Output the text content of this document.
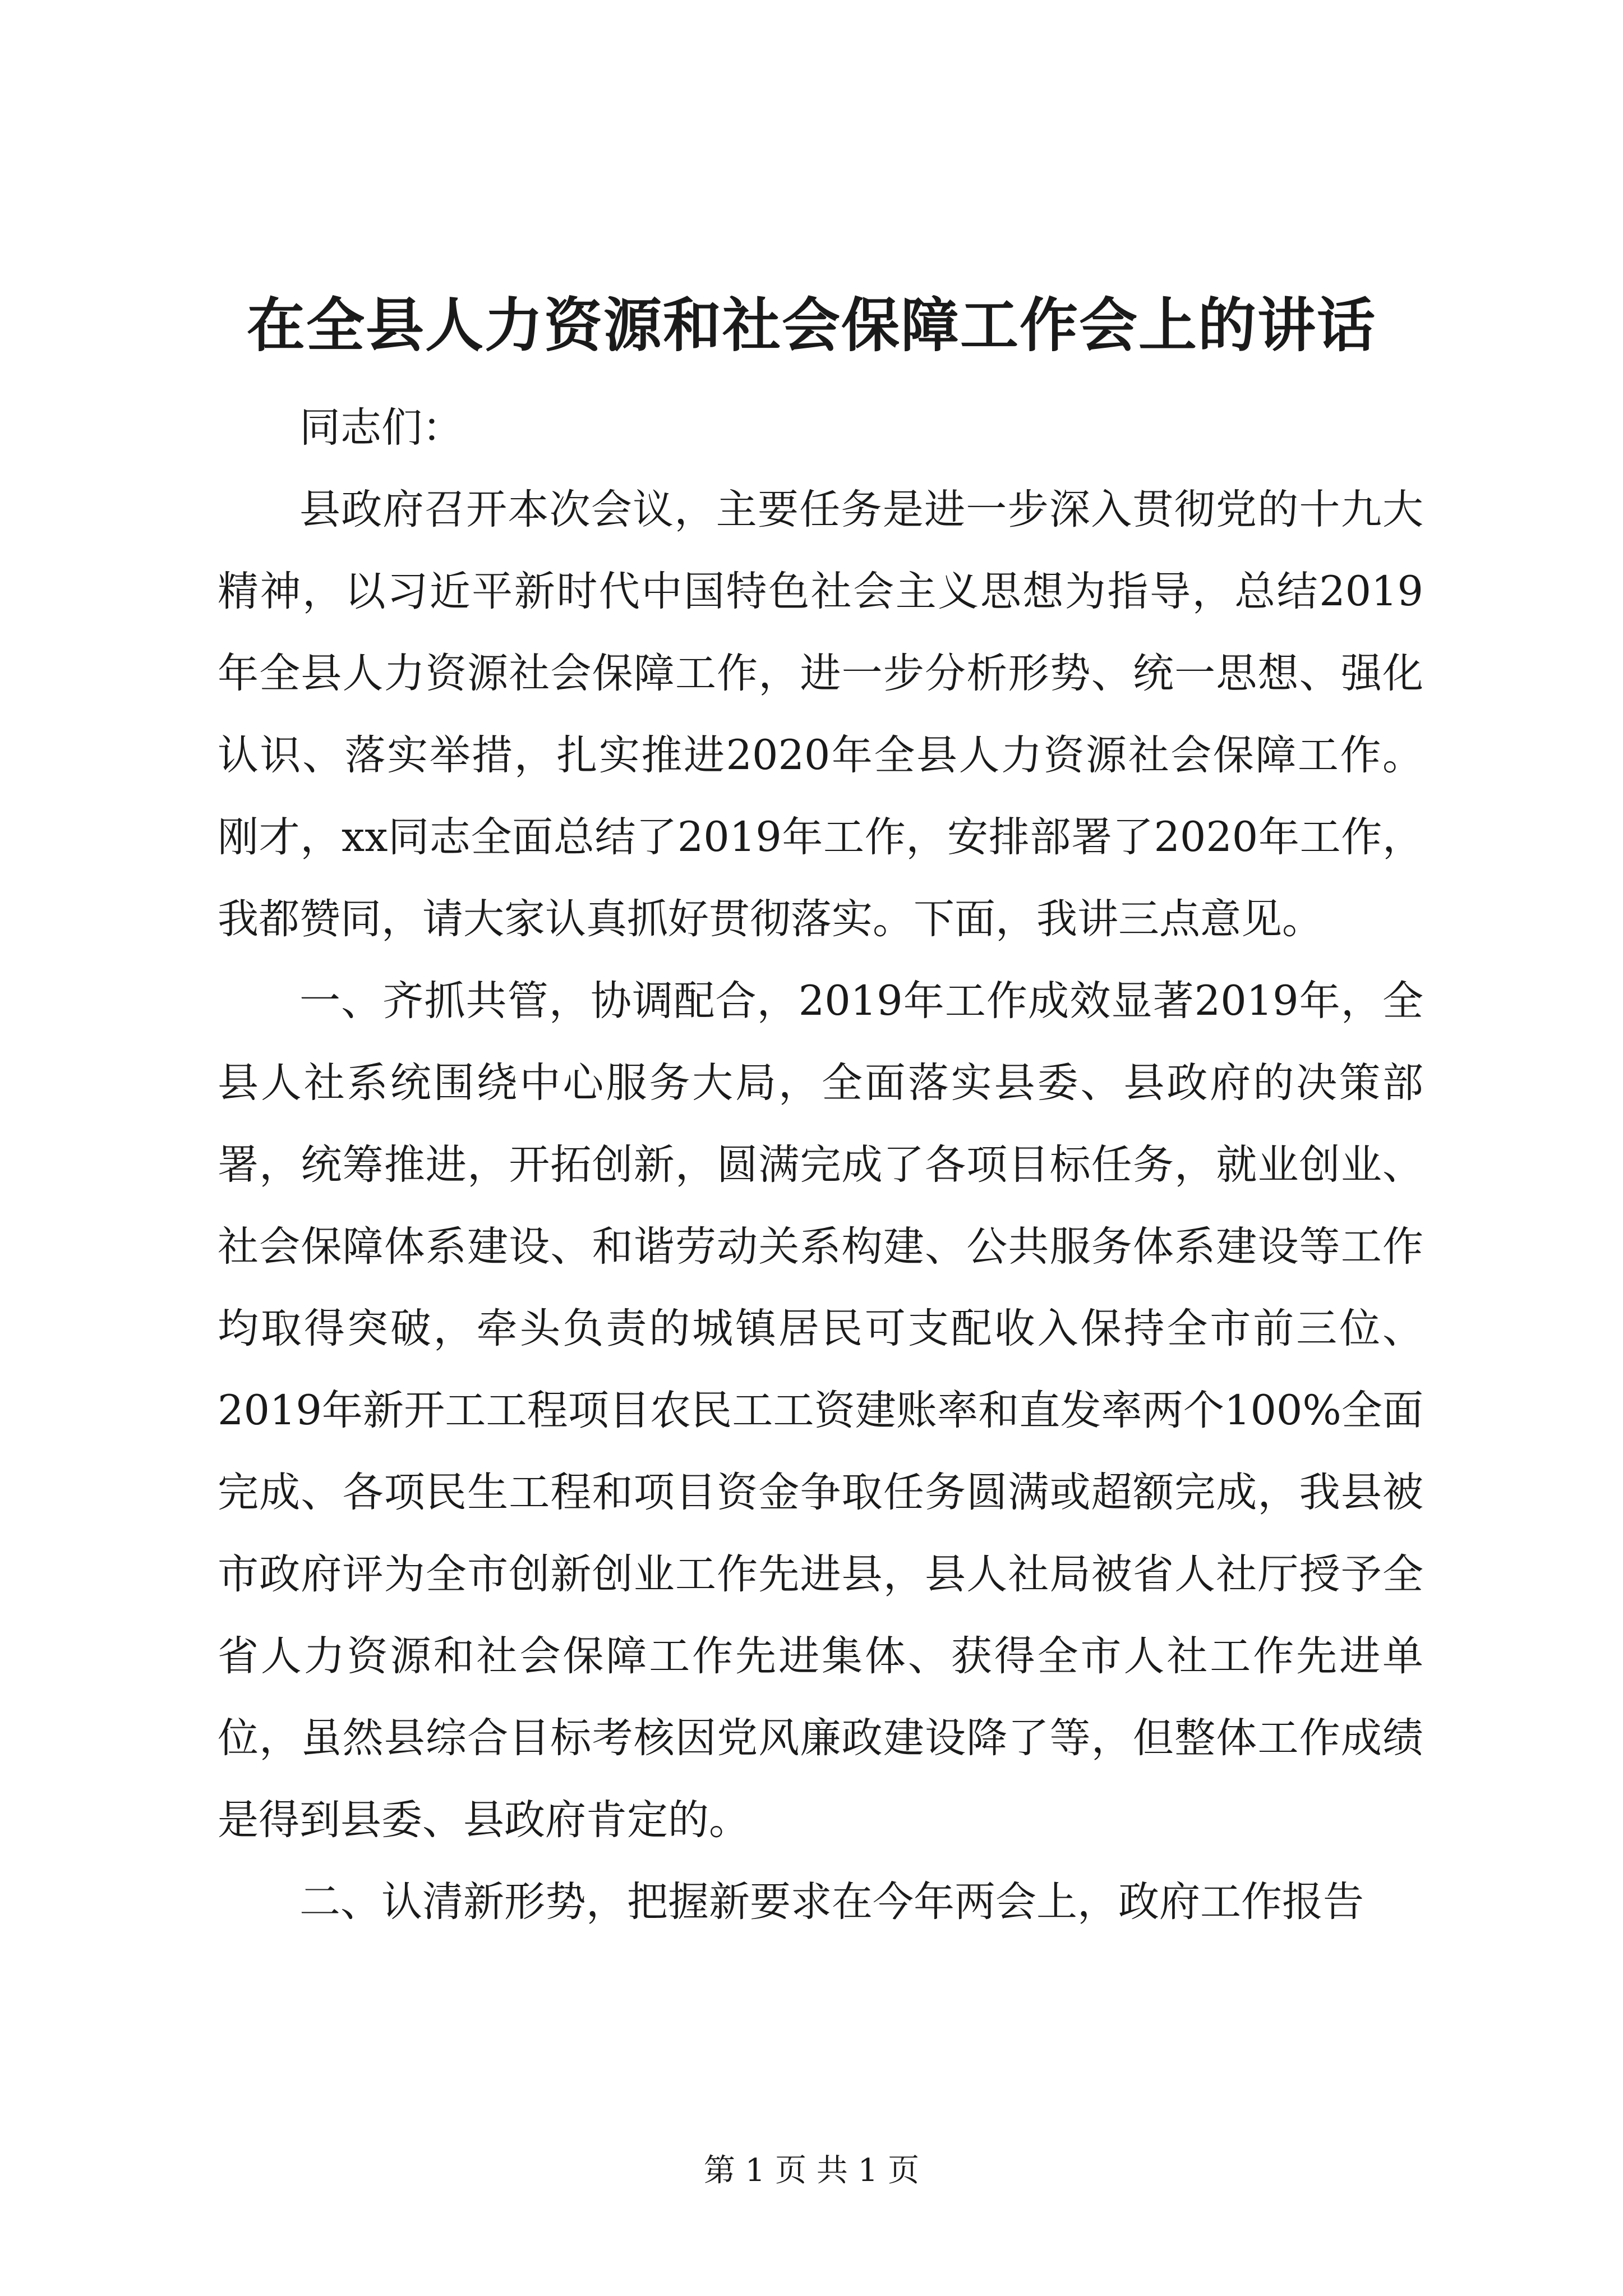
在全县人力资源和社会保障工作会上的讲话

同志们：

县政府召开本次会议，主要任务是进一步深入贯彻党的十九大精神，以习近平新时代中国特色社会主义思想为指导，总结2019年全县人力资源社会保障工作，进一步分析形势、统一思想、强化认识、落实举措，扎实推进2020年全县人力资源社会保障工作。刚才，xx同志全面总结了2019年工作，安排部署了2020年工作，我都赞同，请大家认真抓好贯彻落实。下面，我讲三点意见。

一、齐抓共管，协调配合，2019年工作成效显著2019年，全县人社系统围绕中心服务大局，全面落实县委、县政府的决策部署，统筹推进，开拓创新，圆满完成了各项目标任务，就业创业、社会保障体系建设、和谐劳动关系构建、公共服务体系建设等工作均取得突破，牵头负责的城镇居民可支配收入保持全市前三位、2019年新开工工程项目农民工工资建账率和直发率两个100%全面完成、各项民生工程和项目资金争取任务圆满或超额完成，我县被市政府评为全市创新创业工作先进县，县人社局被省人社厅授予全省人力资源和社会保障工作先进集体、获得全市人社工作先进单位，虽然县综合目标考核因党风廉政建设降了等，但整体工作成绩是得到县委、县政府肯定的。

二、认清新形势，把握新要求在今年两会上，政府工作报告

第 1 页 共 1 页
